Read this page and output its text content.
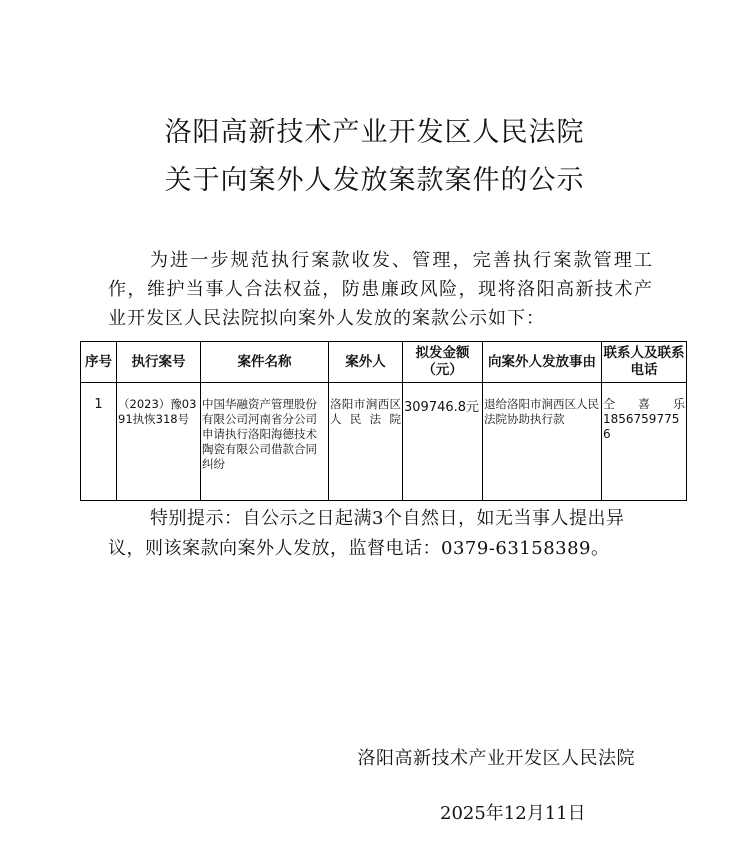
洛阳高新技术产业开发区人民法院
关于向案外人发放案款案件的公示
为进一步规范执行案款收发、管理，完善执行案款管理工作，维护当事人合法权益，防患廉政风险，现将洛阳高新技术产业开发区人民法院拟向案外人发放的案款公示如下：
序号	执行案号	案件名称	案外人	拟发金额（元）	向案外人发放事由	联系人及联系电话
1	（2023）豫0391执恢318号	中国华融资产管理股份有限公司河南省分公司申请执行洛阳海德技术陶瓷有限公司借款合同纠纷	洛阳市涧西区人民法院	309746.8元	退给洛阳市涧西区人民法院协助执行款	仝  喜  乐
18567597756
特别提示：自公示之日起满3个自然日，如无当事人提出异议，则该案款向案外人发放，监督电话：0379-63158389。
洛阳高新技术产业开发区人民法院
2025年12月11日
